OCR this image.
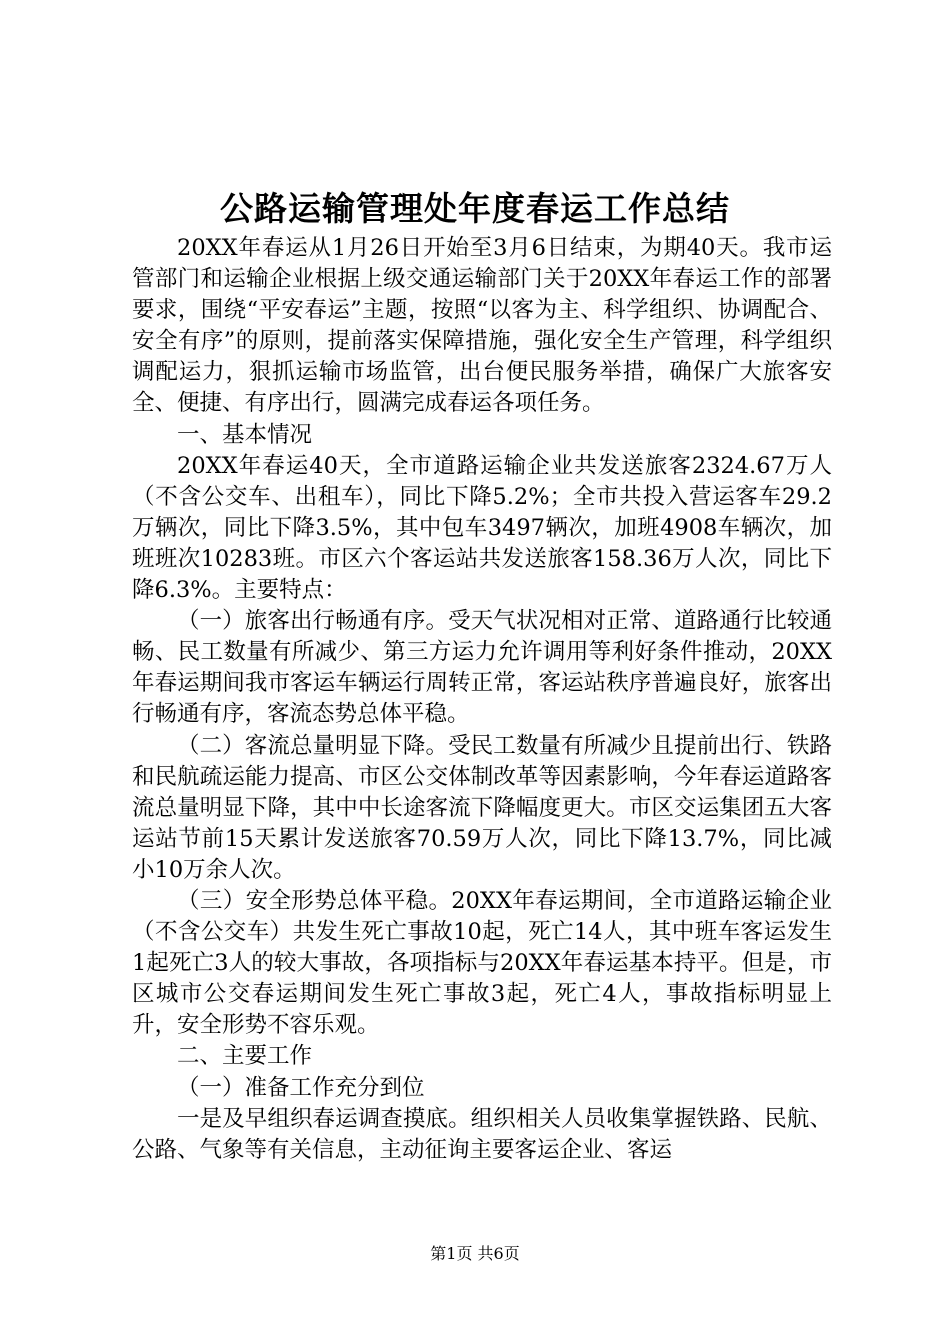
公路运输管理处年度春运工作总结

20XX年春运从1月26日开始至3月6日结束，为期40天。我市运管部门和运输企业根据上级交通运输部门关于20XX年春运工作的部署要求，围绕“平安春运”主题，按照“以客为主、科学组织、协调配合、安全有序”的原则，提前落实保障措施，强化安全生产管理，科学组织调配运力，狠抓运输市场监管，出台便民服务举措，确保广大旅客安全、便捷、有序出行，圆满完成春运各项任务。

一、基本情况

20XX年春运40天，全市道路运输企业共发送旅客2324.67万人（不含公交车、出租车），同比下降5.2%；全市共投入营运客车29.2万辆次，同比下降3.5%，其中包车3497辆次，加班4908车辆次，加班班次10283班。市区六个客运站共发送旅客158.36万人次，同比下降6.3%。主要特点：

（一）旅客出行畅通有序。受天气状况相对正常、道路通行比较通畅、民工数量有所减少、第三方运力允许调用等利好条件推动，20XX年春运期间我市客运车辆运行周转正常，客运站秩序普遍良好，旅客出行畅通有序，客流态势总体平稳。

（二）客流总量明显下降。受民工数量有所减少且提前出行、铁路和民航疏运能力提高、市区公交体制改革等因素影响，今年春运道路客流总量明显下降，其中中长途客流下降幅度更大。市区交运集团五大客运站节前15天累计发送旅客70.59万人次，同比下降13.7%，同比减小10万余人次。

（三）安全形势总体平稳。20XX年春运期间，全市道路运输企业（不含公交车）共发生死亡事故10起，死亡14人，其中班车客运发生1起死亡3人的较大事故，各项指标与20XX年春运基本持平。但是，市区城市公交春运期间发生死亡事故3起，死亡4人，事故指标明显上升，安全形势不容乐观。

二、主要工作

（一）准备工作充分到位

一是及早组织春运调查摸底。组织相关人员收集掌握铁路、民航、公路、气象等有关信息，主动征询主要客运企业、客运

第1页 共6页
